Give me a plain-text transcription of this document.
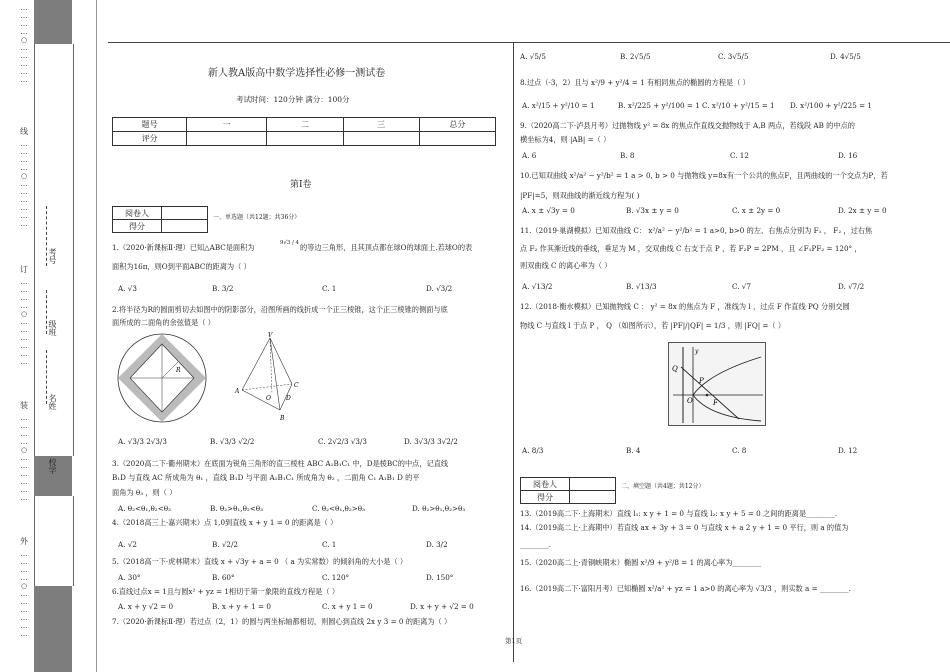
…
…
…
…
○
…
…
…
…
…

线
…
…
…
…
○
…
…
…
…
…
…
订
…
…
…
…
○
…
…
…
…
…
…
装
…
…
…
…
○
…
…
…
…
…
…
外
…
…
…
…
○
…
…
…
…
…
…
考号
级班
名姓
校学
新人教A版高中数学选择性必修一测试卷
考试时间：120分钟 满分：100分
题号	一	二	三	总分
评分				
第Ⅰ卷
阅卷人	
得分	
一、单选题（共12题；共36分）
1.（2020·新课标Ⅱ·理）已知△ABC是面积为	9√3 / 4 的等边三角形，且其顶点都在球O的球面上.若球O的表
面积为16π，则O到平面ABC的距离为（ ）
A. √3	B. 3/2	C. 1	D. √3/2
2.将半径为R的圆面剪切去如图中的阴影部分，沿图所画的线折成一个正三棱锥，这个正三棱锥的侧面与底
面所成的二面角的余弦值是（ ）
R
V
A
C
B
O	D
A. √3/3 2√3/3	B. √3/3 √2/2	C. 2√2/3 √3/3	D. 3√3/3 3√2/2
3.（2020高二下·衢州期末）在底面为锐角三角形的直三棱柱 ABC A₁B₁C₁ 中，D是棱BC的中点，记直线
B₁D 与直线 AC 所成角为 θ₁ ，直线 B₁D 与平面 A₁B₁C₁ 所成角为 θ₂ ，二面角 C₁ A₁B₁ D 的平
面角为 θ₃ ，则（ ）
A. θ₂<θ₁,θ₂<θ₃	B. θ₂>θ₁,θ₂<θ₃	C. θ₂<θ₁,θ₂>θ₃	D. θ₂>θ₁,θ₂>θ₃
4.（2018高三上·嘉兴期末）点 1,0到直线 x + y 1 = 0 的距离是（ ）
A. √2	B. √2/2	C. 1	D. 3/2
5.（2018高一下·虎林期末）直线 x + √3y + a = 0 （ a 为实常数）的倾斜角的大小是（ ）
A. 30°	B. 60°	C. 120°	D. 150°
6.直线过点x = 1且与圆x² + yz = 1相切于第一象限的直线方程是（ ）
A. x + y √2 = 0	B. x + y + 1 = 0	C. x + y 1 = 0	D. x + y + √2 = 0
7.（2020·新课标Ⅱ·理）若过点（2，1）的圆与两坐标轴都相切，则圆心到直线 2x y 3 = 0 的距离为（ ）
A. √5/5	B. 2√5/5	C. 3√5/5	D. 4√5/5
8.过点（-3，2）且与 x²/9 + y²/4 = 1 有相同焦点的椭圆的方程是（ ）
A. x²/15 + y²/10 = 1	B. x²/225 + y²/100 = 1 C. x²/10 + y²/15 = 1 D. x²/100 + y²/225 = 1
9.（2020高二下·泸县月考）过抛物线 y² = 8x 的焦点作直线交抛物线于 A,B 两点，若线段 AB 的中点的
横坐标为4，则 |AB| =（ ）
A. 6	B. 8	C. 12	D. 16
10.已知双曲线 x²/a² − y²/b² = 1 a > 0, b > 0 与抛物线 y=8x有一个公共的焦点F，且两曲线的一个交点为P，若
|PF|=5，则双曲线的渐近线方程为( )
A. x ± √3y = 0	B. √3x ± y = 0	C. x ± 2y = 0	D. 2x ± y = 0
11.（2019·巢湖模拟）已知双曲线 C： x²/a² − y²/b² = 1 a>0, b>0 的左、右焦点分别为 F₁ ， F₂ ，过右焦
点 F₂ 作其渐近线的垂线，垂足为 M ，交双曲线 C 右支于点 P ，若 F₂P = 2PM ，且 ∠F₁PF₂ = 120° ，
则双曲线 C 的离心率为（ ）
A. √13/2	B. √13/3	C. √7	D. √7/2
12.（2018·衡水模拟）已知抛物线 C ： y² = 8x 的焦点为 F ，准线为 l ，过点 F 作直线 PQ 分别交圆
物线 C 与直线 l 于点 P ， Q （如图所示），若 |PF|/|QF| = 1/3 ，则 |FQ| =（ ）
Q
P
F
O
y
A. 8/3	B. 4	C. 8	D. 12
阅卷人	
得分	
二、填空题（共4题；共12分）
13.（2019高二下·上海期末）直线 l₁: x y + 1 = 0 与直线 l₂: x y + 5 = 0 之间的距离是________.
14.（2019高二上·上海期中）若直线 ax + 3y + 3 = 0 与直线 x + a 2 y + 1 = 0 平行，则 a 的值为
________.
15.（2020高二上·青铜峡期末）椭圆 x²/9 + y²/8 = 1 的离心率为________
16.（2019高二下·富阳月考）已知椭圆 x²/a² + yz = 1 a>0 的离心率为 √3/3 ，则实数 a = ________.
第1页
